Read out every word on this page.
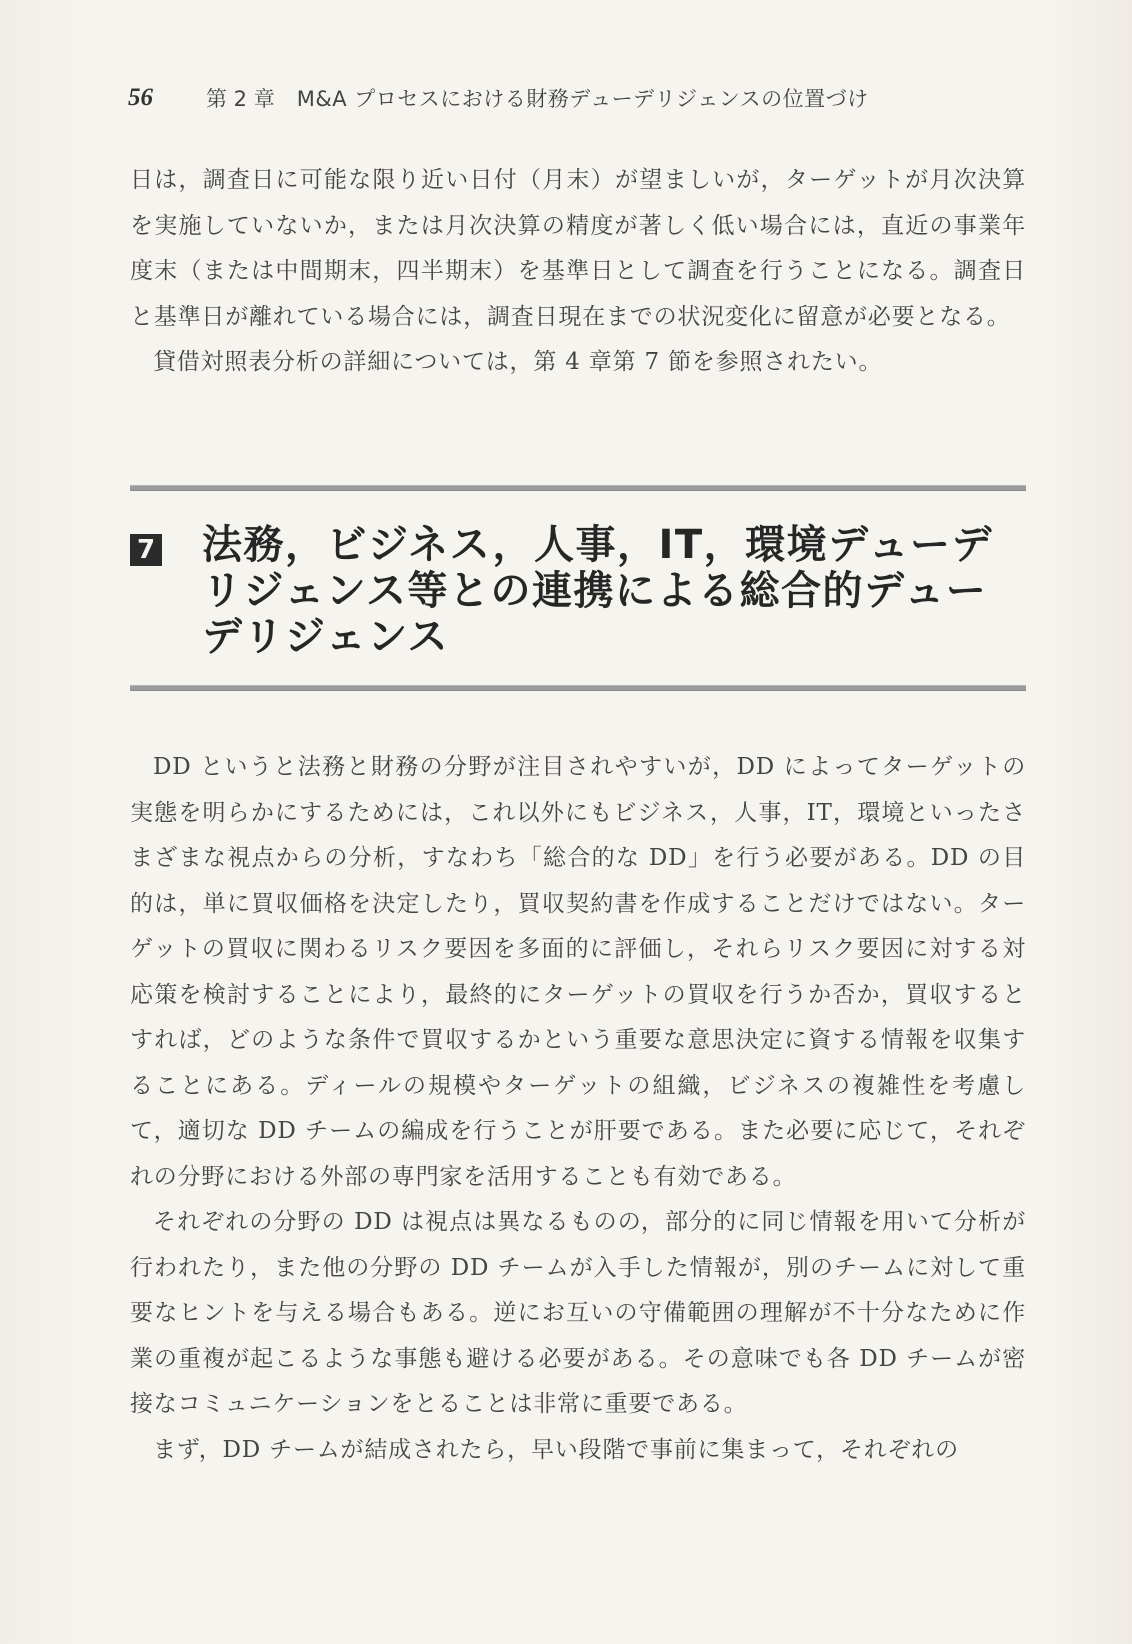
56	第 2 章 M&A プロセスにおける財務デューデリジェンスの位置づけ

日は，調査日に可能な限り近い日付（月末）が望ましいが，ターゲットが月次決算を実施していないか，または月次決算の精度が著しく低い場合には，直近の事業年度末（または中間期末，四半期末）を基準日として調査を行うことになる。調査日と基準日が離れている場合には，調査日現在までの状況変化に留意が必要となる。

貸借対照表分析の詳細については，第 4 章第 7 節を参照されたい。

7 法務，ビジネス，人事，IT，環境デューデリジェンス等との連携による総合的デューデリジェンス

DD というと法務と財務の分野が注目されやすいが，DD によってターゲットの実態を明らかにするためには，これ以外にもビジネス，人事，IT，環境といったさまざまな視点からの分析，すなわち「総合的な DD」を行う必要がある。DD の目的は，単に買収価格を決定したり，買収契約書を作成することだけではない。ターゲットの買収に関わるリスク要因を多面的に評価し，それらリスク要因に対する対応策を検討することにより，最終的にターゲットの買収を行うか否か，買収するとすれば，どのような条件で買収するかという重要な意思決定に資する情報を収集することにある。ディールの規模やターゲットの組織，ビジネスの複雑性を考慮して，適切な DD チームの編成を行うことが肝要である。また必要に応じて，それぞれの分野における外部の専門家を活用することも有効である。

それぞれの分野の DD は視点は異なるものの，部分的に同じ情報を用いて分析が行われたり，また他の分野の DD チームが入手した情報が，別のチームに対して重要なヒントを与える場合もある。逆にお互いの守備範囲の理解が不十分なために作業の重複が起こるような事態も避ける必要がある。その意味でも各 DD チームが密接なコミュニケーションをとることは非常に重要である。

まず，DD チームが結成されたら，早い段階で事前に集まって，それぞれの
